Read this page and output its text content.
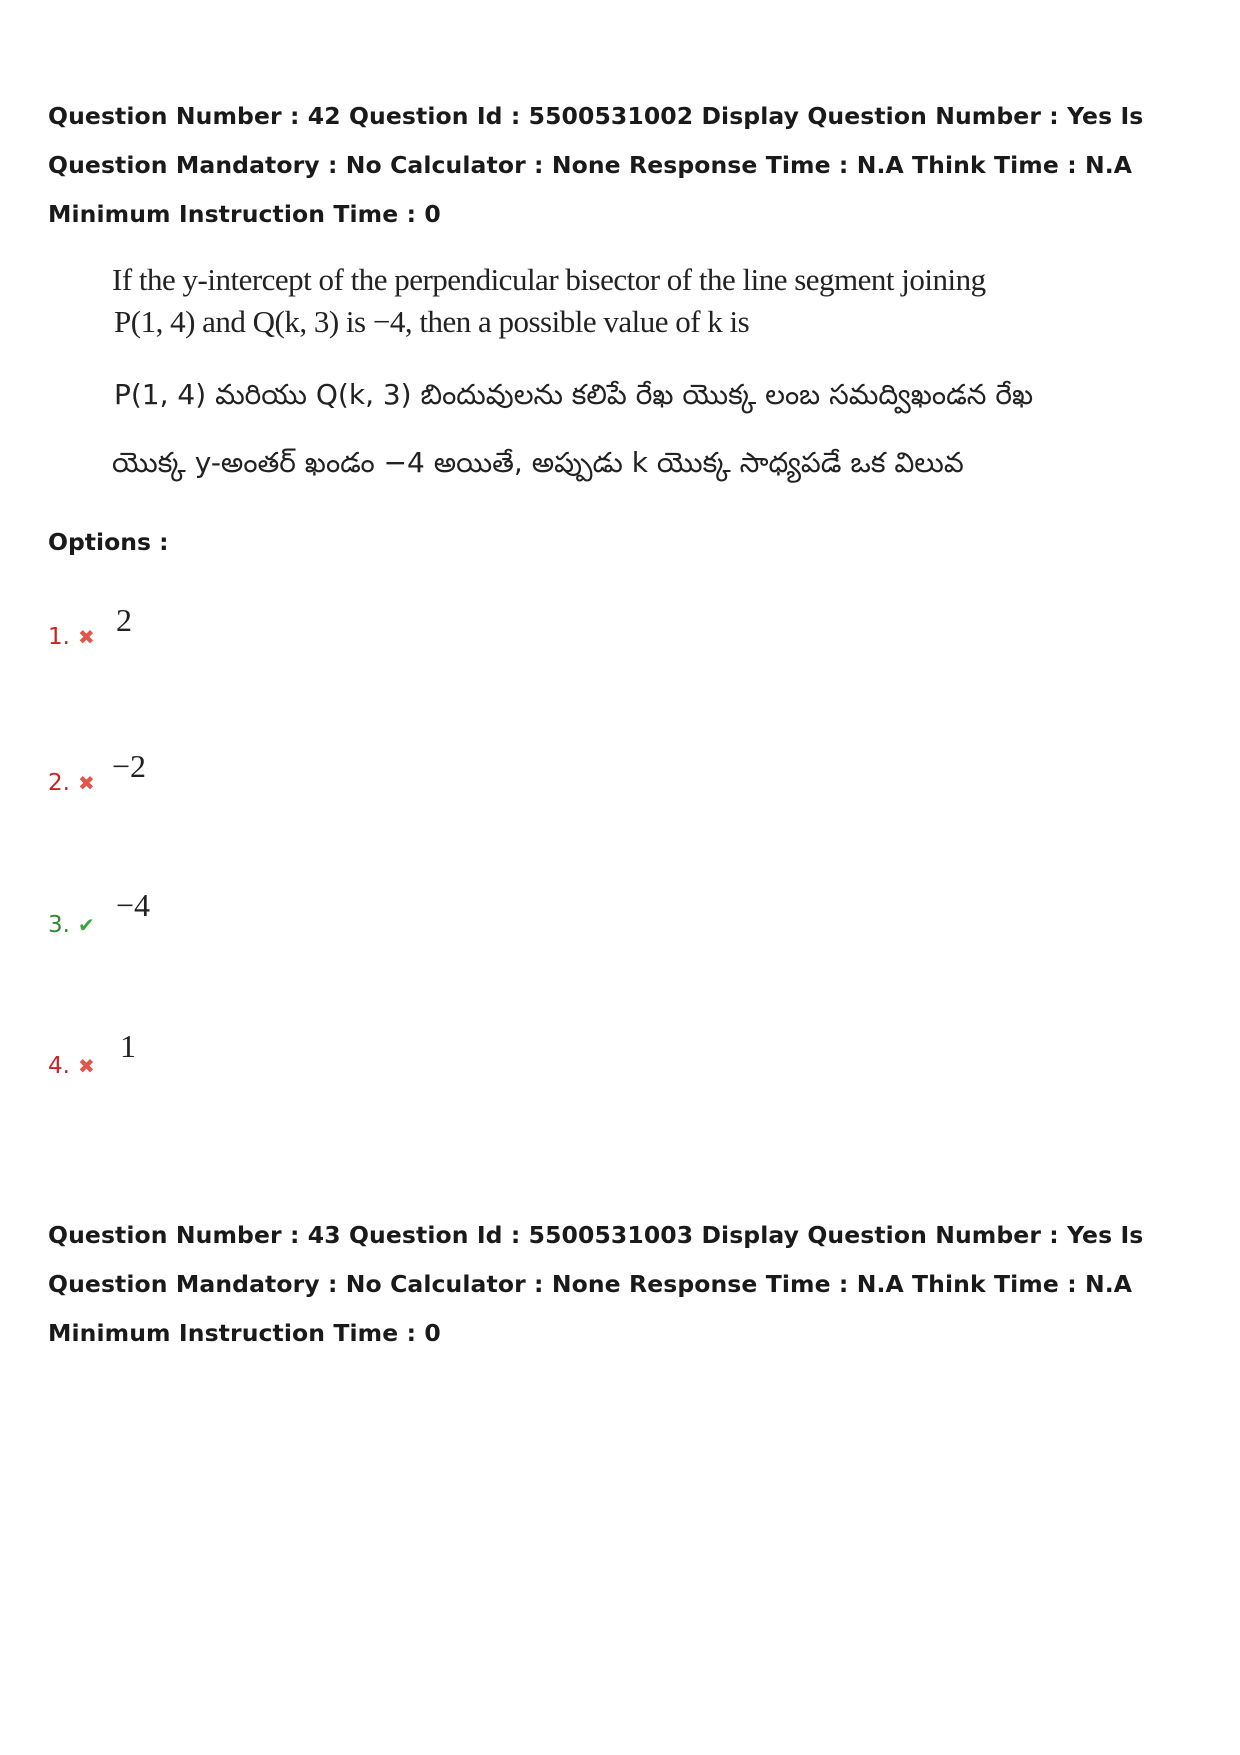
Question Number : 42 Question Id : 5500531002 Display Question Number : Yes Is Question Mandatory : No Calculator : None Response Time : N.A Think Time : N.A Minimum Instruction Time : 0
If the y-intercept of the perpendicular bisector of the line segment joining
P(1, 4) and Q(k, 3) is −4, then a possible value of k is
P(1, 4) మరియు Q(k, 3) బిందువులను కలిపే రేఖ యొక్క లంబ సమద్విఖండన రేఖ
యొక్క y-అంతర్ ఖండం −4 అయితే, అప్పుడు k యొక్క సాధ్యపడే ఒక విలువ
Options :
1. ✖ 2
2. ✖ −2
3. ✔
−4
4. ✖
1
Question Number : 43 Question Id : 5500531003 Display Question Number : Yes Is Question Mandatory : No Calculator : None Response Time : N.A Think Time : N.A Minimum Instruction Time : 0
